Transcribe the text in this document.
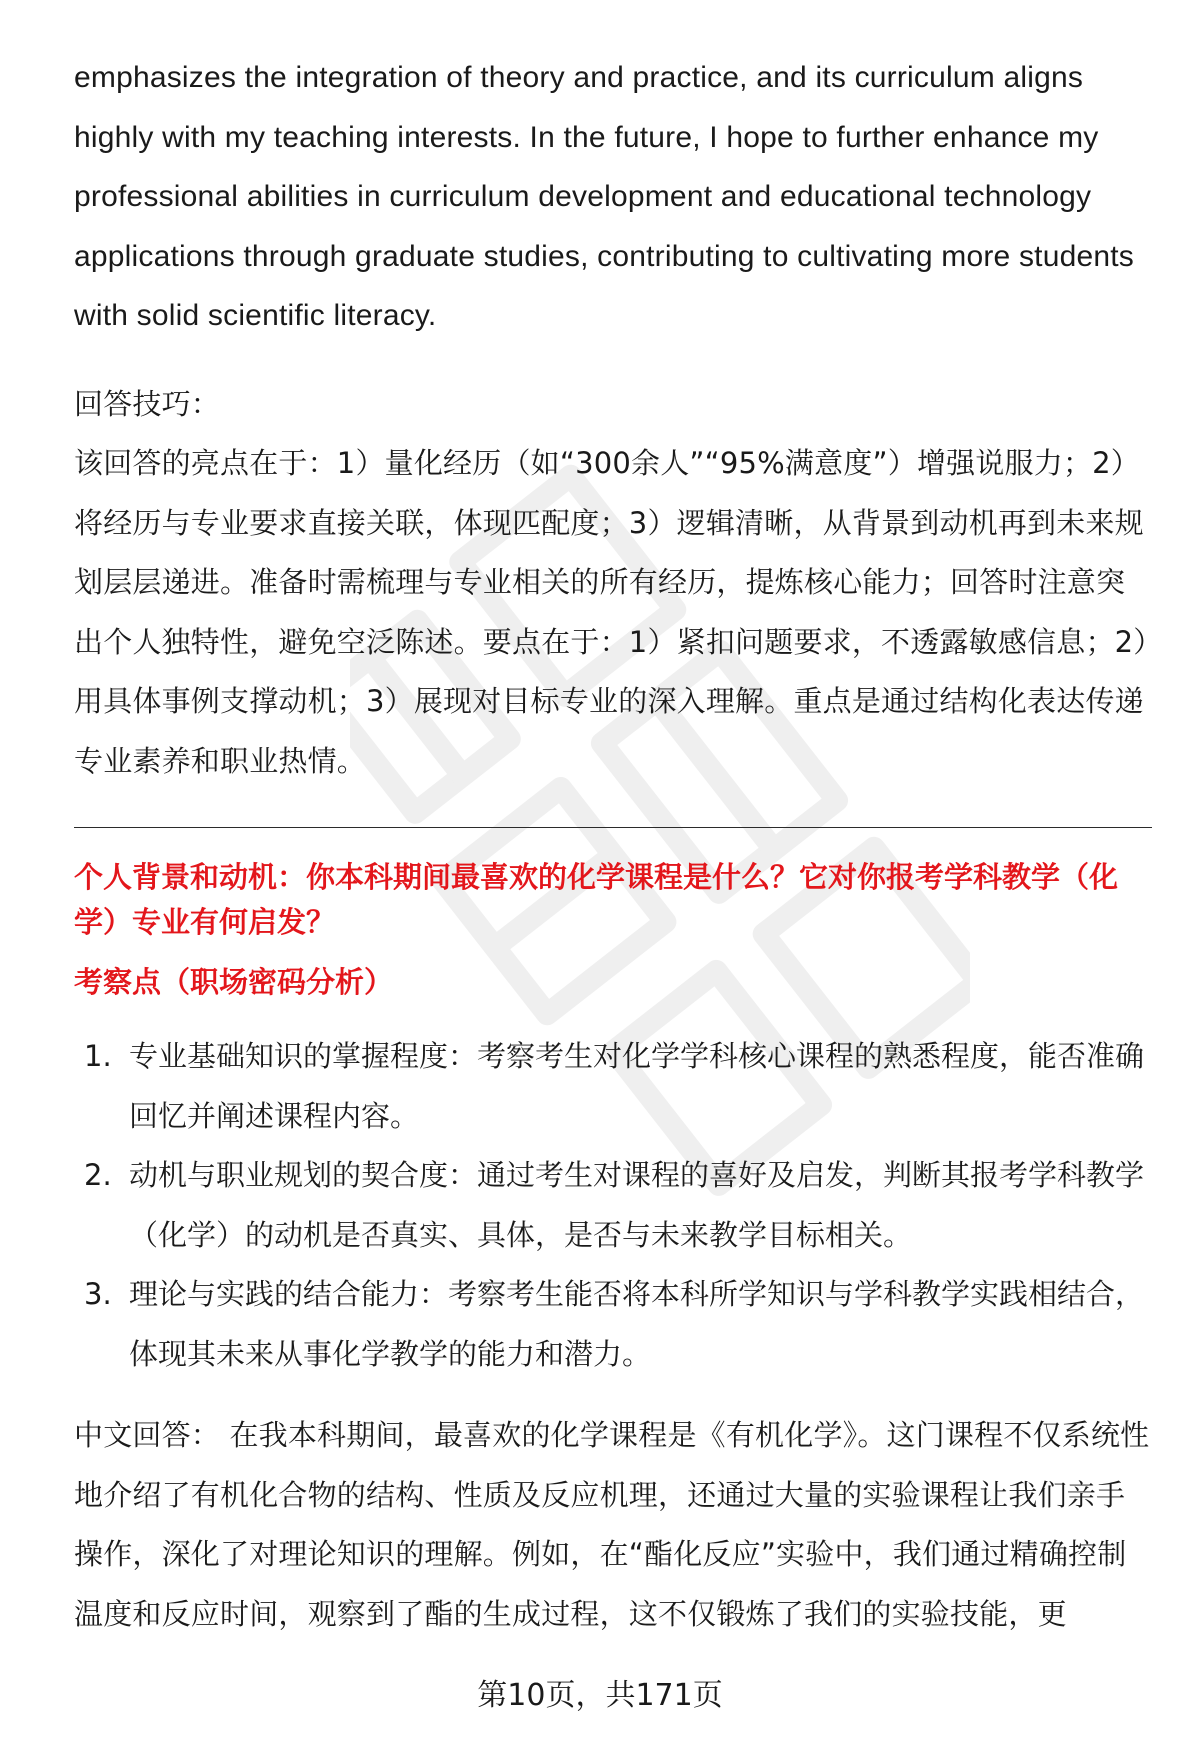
emphasizes the integration of theory and practice, and its curriculum aligns highly with my teaching interests. In the future, I hope to further enhance my professional abilities in curriculum development and educational technology applications through graduate studies, contributing to cultivating more students with solid scientific literacy.

回答技巧：

该回答的亮点在于：1）量化经历（如“300余人”“95%满意度”）增强说服力；2）将经历与专业要求直接关联，体现匹配度；3）逻辑清晰，从背景到动机再到未来规划层层递进。准备时需梳理与专业相关的所有经历，提炼核心能力；回答时注意突出个人独特性，避免空泛陈述。要点在于：1）紧扣问题要求，不透露敏感信息；2）用具体事例支撑动机；3）展现对目标专业的深入理解。重点是通过结构化表达传递专业素养和职业热情。

个人背景和动机：你本科期间最喜欢的化学课程是什么？它对你报考学科教学（化学）专业有何启发？

考察点（职场密码分析）

1. 专业基础知识的掌握程度：考察考生对化学学科核心课程的熟悉程度，能否准确回忆并阐述课程内容。
2. 动机与职业规划的契合度：通过考生对课程的喜好及启发，判断其报考学科教学（化学）的动机是否真实、具体，是否与未来教学目标相关。
3. 理论与实践的结合能力：考察考生能否将本科所学知识与学科教学实践相结合，体现其未来从事化学教学的能力和潜力。

中文回答： 在我本科期间，最喜欢的化学课程是《有机化学》。这门课程不仅系统性地介绍了有机化合物的结构、性质及反应机理，还通过大量的实验课程让我们亲手操作，深化了对理论知识的理解。例如，在“酯化反应”实验中，我们通过精确控制温度和反应时间，观察到了酯的生成过程，这不仅锻炼了我们的实验技能，更

第10页，共171页
